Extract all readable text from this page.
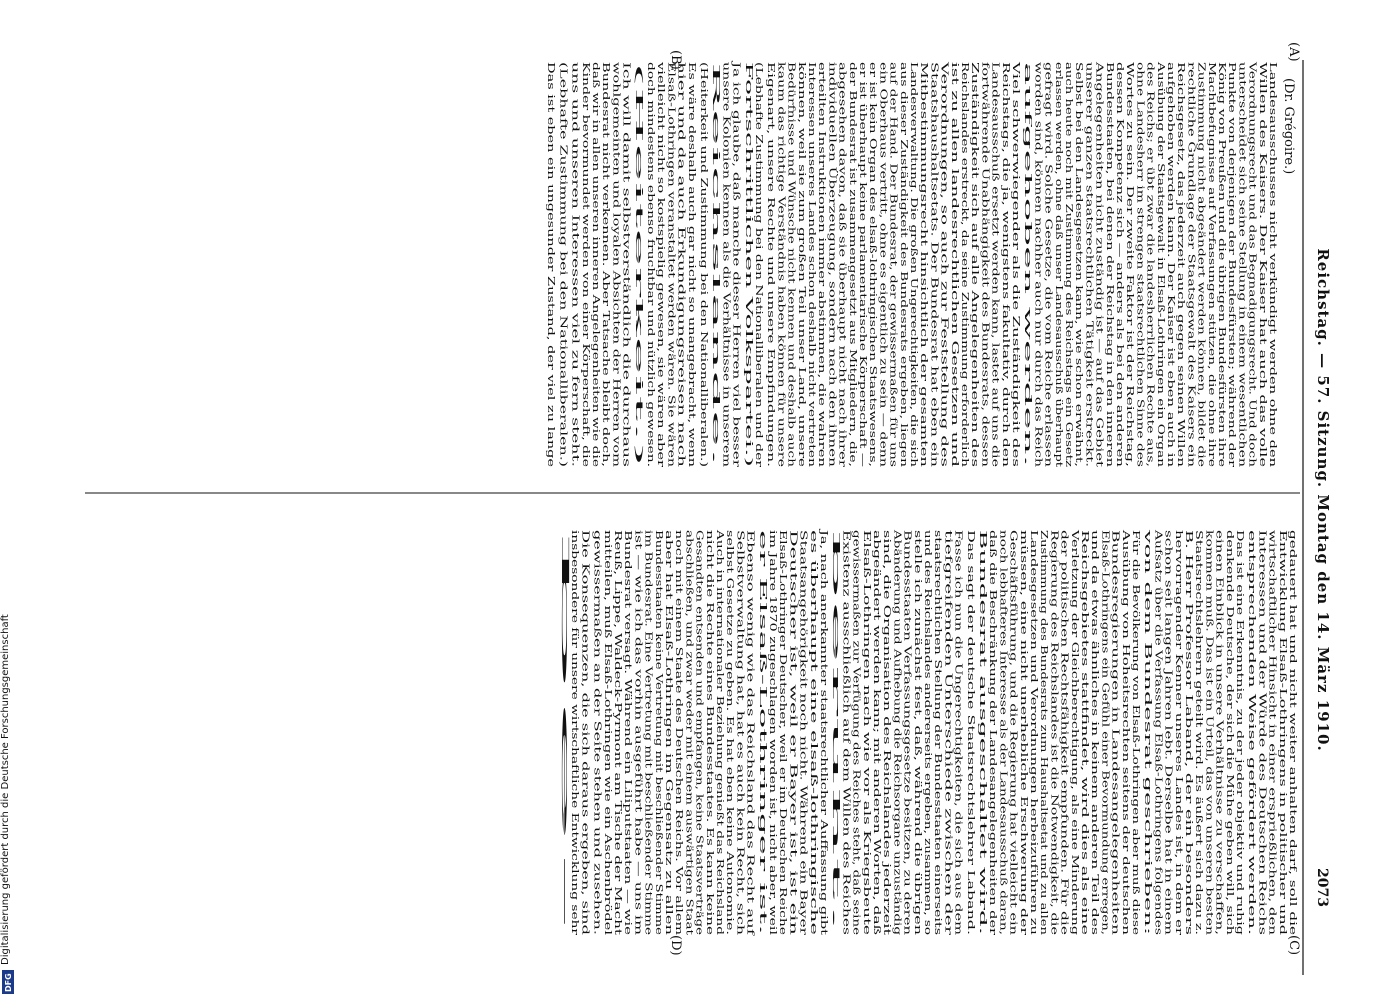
Reichstag. — 57. Sitzung. Montag den 14. März 1910.
2073
(A)
(B)
(C)
(D)
(Dr. Grégoire.)
Landesausschusses nicht verkündigt werden ohne den
Willen des Kaisers. Der Kaiser hat auch das volle
Verordnungsrecht und das Begnadigungsrecht. Und doch
unterscheidet sich seine Stellung in einem wesentlichen
Punkte von derjenigen der Bundesfürsten; während der
König von Preußen und die übrigen Bundesfürsten ihre
Machtbefugnisse auf Verfassungen stützen, die ohne ihre
Zustimmung nicht abgeändert werden können, bildet die
rechtliche Grundlage der Staatsgewalt des Kaisers ein
Reichsgesetz, das jederzeit auch gegen seinen Willen
aufgehoben werden kann. Der Kaiser ist eben auch in
Ausübung der Staatsgewalt in Elsaß-Lothringen ein Organ
des Reichs; er übt zwar die landesherrlichen Rechte aus,
ohne Landesherr im strengen staatsrechtlichen Sinne des
Wortes zu sein. Der zweite Faktor ist der Reichstag,
dessen Kompetenz sich — anders als bei den anderen
Bundesstaaten, bei denen der Reichstag in den inneren
Angelegenheiten nicht zuständig ist — auf das Gebiet
unserer ganzen staatsrechtlichen Tätigkeit erstreckt.
Selbst bei den Landesgesetzen kann, wie schon erwähnt,
auch heute noch mit Zustimmung des Reichstags ein Gesetz
erlassen werden, ohne daß unser Landesausschuß überhaupt
gefragt wird. Solche Gesetze, die vom Reiche erlassen
worden sind, können nachher auch nur durch das Reich
aufgehoben werden.
Viel schwerwiegender als die Zuständigkeit des
Reichstags, die ja, wenigstens fakultativ, durch den
Landesausschuß ersetzt werden kann, lastet auf uns die
fortwährende Unabhängigkeit des Bundesrats, dessen
Zuständigkeit sich auf alle Angelegenheiten des
Reichslandes erstreckt, da seine Zustimmung erforderlich
ist zu allen landesrechtlichen Gesetzen und
Verordnungen, so auch zur Feststellung des
Staatshaushaltsetats. Der Bundesrat hat eben ein
Mitbestimmungsrecht hinsichtlich der gesamten
Landesverwaltung. Die großen Ungerechtigkeiten, die sich
aus dieser Zuständigkeit des Bundesrats ergeben, liegen
auf der Hand. Der Bundesrat, der gewissermaßen für uns
ein Oberhaus vertritt, ohne es eigentlich zu sein — denn
er ist kein Organ des elsaß-lothringischen Staatswesens,
er ist überhaupt keine parlamentarische Körperschaft —
der Bundesrat ist zusammengesetzt aus Mitgliedern, die,
abgesehen davon, daß sie überhaupt nicht nach ihrer
individuellen Überzeugung, sondern nach den ihnen
erteilten Instruktionen immer abstimmen, die wahren
Interessen unseres Landes schon deshalb nicht vertreten
können, weil sie zum großen Teil unser Land, unsere
Bedürfnisse und Wünsche nicht kennen und deshalb auch
kaum das richtige Verständnis haben können für unsere
Eigenart, unsere Rechte und unsere Empfindungen.
(Lebhafte Zustimmung bei den Nationalliberalen und der
Fortschrittlichen Volkspartei.)
Ja ich glaube, daß manche dieser Herren viel besser
unsere Kolonien kennen als die Verhältnisse in unserem
Reichslande.
(Heiterkeit und Zustimmung bei den Nationalliberalen.)
Es wäre deshalb auch gar nicht so unangebracht, wenn
hier und da auch Erkundigungsreisen nach
Elsaß-Lothringen veranstaltet werden wären. Sie wären
vielleicht nicht so kostspielig gewesen, sie wären aber
doch mindestens ebenso fruchtbar und nützlich gewesen.
(Heiterkeit.)
Ich will damit selbstverständlich die durchaus
wohlgemeinten und loyalen Absichten der Herren vom
Bundesrat nicht verkennen. Aber Tatsache bleibt doch,
daß wir in allen unseren inneren Angelegenheiten wie die
Kinder bevormundet werden von einer Körperschaft, die
uns und unseren Interessen viel zu fern steht.
(Lebhafte Zustimmung bei den Nationalliberalen.)
Das ist eben ein ungesunder Zustand, der viel zu lange
gedauert hat und nicht weiter anhalten darf, soll die
Entwicklung Elsaß-Lothringens in politischer und
wirtschaftlicher Hinsicht in einer ersprießlichen, den
Interessen und der Würde des Deutschen Reichs
entsprechenden Weise gefördert werden.
Das ist eine Erkenntnis, zu der jeder objektiv und ruhig
denkende Deutsche, der sich die Mühe geben will, sich
einen Einblick in unsere Verhältnisse zu verschaffen,
kommen muß. Das ist ein Urteil, das von unseren besten
Staatsrechtslehrern geteilt wird. Es äußert sich dazu z.
B. Herr Professor Laband, der ein besonders
hervorragender Kenner unseres Landes ist, in dem er
schon seit langen Jahren lebt. Derselbe hat in einem
Aufsatz über die Verfassung Elsaß-Lothringens folgendes
von dem Bundesrat geschrieben:
Für die Bevölkerung von Elsaß-Lothringen aber muß diese
Ausübung von Hoheitsrechten seitens der deutschen
Bundesregierungen in Landesangelegenheiten
Elsaß-Lothringens ein Gefühl einer Bevormundung erregen,
und da etwas ähnliches in keinem anderen Teil des
Reichsgebietes stattfindet, wird dies als eine
Verletzung der Gleichberechtigung, als eine Minderung
der politischen Rechtsfähigkeit empfunden. Für die
Regierung des Reichslandes ist die Notwendigkeit, die
Zustimmung des Bundesrats zum Haushaltsetat und zu allen
Landesgesetzen und Verordnungen herbeizuführen zu
müssen, eine nicht unerhebliche Erschwerung der
Geschäftsführung, und die Regierung hat vielleicht ein
noch lebhafteres Interesse als der Landesausschuß daran,
daß die Beschränkung der Landesangelegenheiten der
Bundesrat ausgeschaltet wird.
Das sagt der deutsche Staatsrechtslehrer Laband.
Fasse ich nun die Ungerechtigkeiten, die sich aus dem
tiefgreifenden Unterschiede zwischen der
staatsrechtlichen Stellung der Bundesstaaten einerseits
und des Reichslandes andererseits ergeben, zusammen, so
stelle ich zunächst fest, daß, während die übrigen
Bundesstaaten Verfassungsgesetze besitzen, zu deren
Abänderung und Aufhebung die Reichsorgane unzuständig
sind, die Organisation des Reichslandes jederzeit
abgeändert werden kann; mit anderen Worten, daß
Elsaß-Lothringen nach wie vor als Kriegsbeute
gewissermaßen zur Verfügung des Reiches steht, daß seine
Existenz ausschließlich auf dem Willen des Reiches
beruht.
Ja, nach anerkannter staatsrechtlicher Auffassung gibt
es überhaupt eine elsaß-lothringische
Staatsangehörigkeit noch nicht. Während ein Bayer
Deutscher ist, weil er Bayer ist, ist ein
Elsaß-Lothringer Deutscher, weil er im Deutschen Reiche
im Jahre 1870 zugeschlagen worden ist, nicht aber, weil
er Elsaß-Lothringer ist.
Ebenso wenig wie das Reichsland das Recht auf
Selbstverwaltung hat, hat es auch kein Recht, sich
selbst Gesetze zu geben. Es hat eben keine Autonomie.
Auch in internationaler Beziehung genießt das Reichsland
nicht die Rechte eines Bundesstaates. Es kann keine
Gesandten entsenden und empfangen, keine Staatsverträge
abschließen, und zwar weder mit einem auswärtigen Staat
noch mit einem Staate des Deutschen Reichs. Vor allem
aber hat Elsaß-Lothringen im Gegensatz zu allen
Bundesstaaten keine Vertretung mit beschließender Stimme
im Bundesrat. Eine Vertretung mit beschließender Stimme
ist — wie ich das vorhin ausgeführt habe — uns im
Bundesrat versagt. Während ein Liliputstaaten — wie
Reuß, Lippe, Waldeck-Pyrmont am Tische der Macht
mitteilen, muß Elsaß-Lothringen wie ein Aschenbrödel
gewissermaßen an der Seite stehen und zusehen.
Die Konsequenzen, die sich daraus ergeben, sind
insbesondere für unsere wirtschaftliche Entwicklung sehr
be-
Digitalisierung gefördert durch die Deutsche Forschungsgemeinschaft
DFG
